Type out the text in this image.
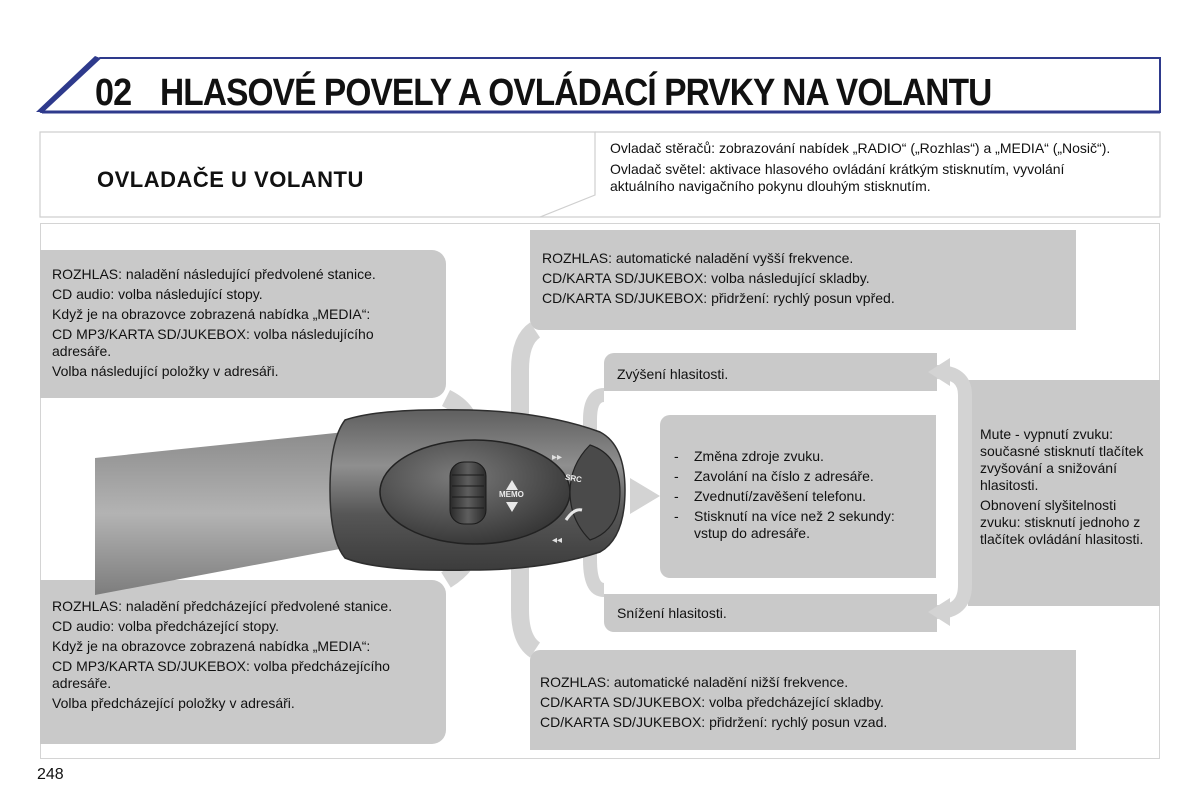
02 HLASOVÉ POVELY A OVLÁDACÍ PRVKY NA VOLANTU
OVLADAČE U VOLANTU

Ovladač stěračů: zobrazování nabídek „RADIO“ („Rozhlas“) a „MEDIA“ („Nosič“).

Ovladač světel: aktivace hlasového ovládání krátkým stisknutím, vyvolání aktuálního navigačního pokynu dlouhým stisknutím.

▸▸
◂◂
MEMO
SRC

ROZHLAS: naladění následující předvolené stanice.

CD audio: volba následující stopy.

Když je na obrazovce zobrazená nabídka „MEDIA“:

CD MP3/KARTA SD/JUKEBOX: volba následujícího adresáře.

Volba následující položky v adresáři.

ROZHLAS: naladění předcházející předvolené stanice.

CD audio: volba předcházející stopy.

Když je na obrazovce zobrazená nabídka „MEDIA“:

CD MP3/KARTA SD/JUKEBOX: volba předcházejícího adresáře.

Volba předcházející položky v adresáři.

ROZHLAS: automatické naladění vyšší frekvence.

CD/KARTA SD/JUKEBOX: volba následující skladby.

CD/KARTA SD/JUKEBOX: přidržení: rychlý posun vpřed.

ROZHLAS: automatické naladění nižší frekvence.

CD/KARTA SD/JUKEBOX: volba předcházející skladby.

CD/KARTA SD/JUKEBOX: přidržení: rychlý posun vzad.

Zvýšení hlasitosti.
Snížení hlasitosti.
- Změna zdroje zvuku.
- Zavolání na číslo z adresáře.
- Zvednutí/zavěšení telefonu.
- Stisknutí na více než 2 sekundy: vstup do adresáře.

Mute - vypnutí zvuku: současné stisknutí tlačítek zvyšování a snižování hlasitosti.

Obnovení slyšitelnosti zvuku: stisknutí jednoho z tlačítek ovládání hlasitosti.

248
